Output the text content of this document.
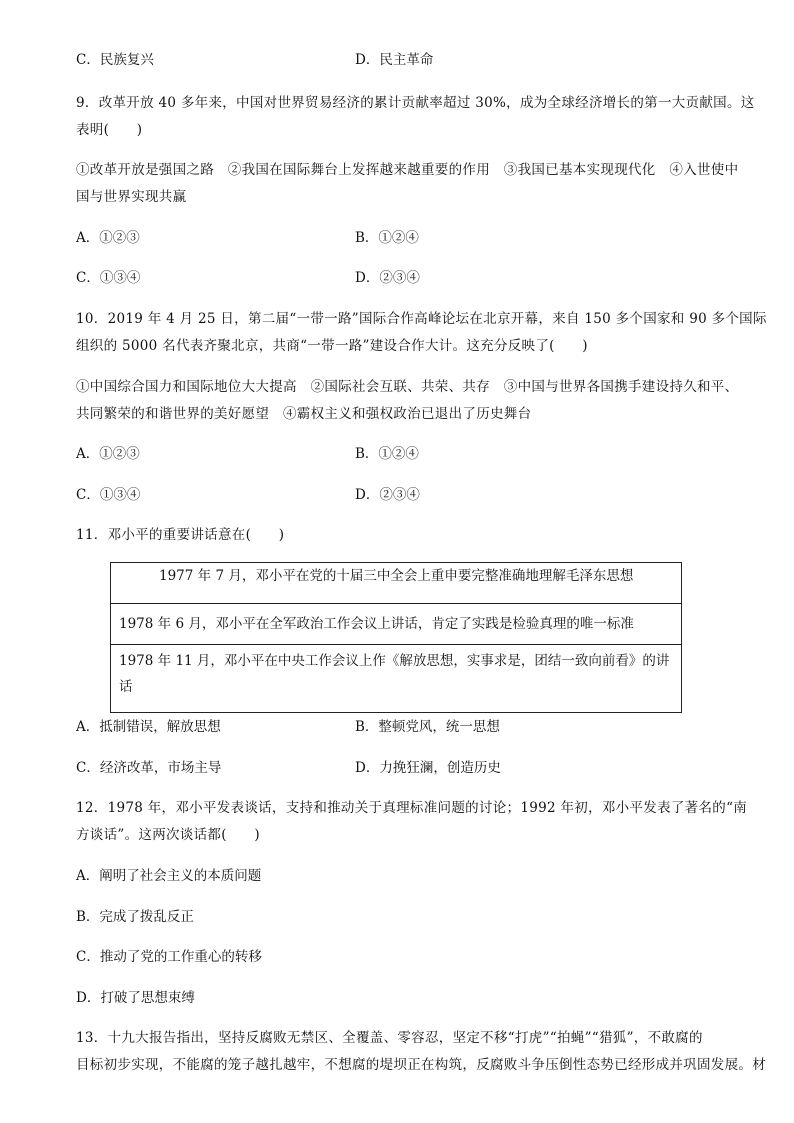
C．民族复兴	D．民主革命
9．改革开放 40 多年来，中国对世界贸易经济的累计贡献率超过 30%，成为全球经济增长的第一大贡献国。这
表明(　　)
①改革开放是强国之路　②我国在国际舞台上发挥越来越重要的作用　③我国已基本实现现代化　④入世使中
国与世界实现共赢
A．①②③	B．①②④
C．①③④	D．②③④
10．2019 年 4 月 25 日，第二届“一带一路”国际合作高峰论坛在北京开幕，来自 150 多个国家和 90 多个国际
组织的 5000 名代表齐聚北京，共商“一带一路”建设合作大计。这充分反映了(　　)
①中国综合国力和国际地位大大提高　②国际社会互联、共荣、共存　③中国与世界各国携手建设持久和平、
共同繁荣的和谐世界的美好愿望　④霸权主义和强权政治已退出了历史舞台
A．①②③	B．①②④
C．①③④	D．②③④
11．邓小平的重要讲话意在(　　)
1977 年 7 月，邓小平在党的十届三中全会上重申要完整准确地理解毛泽东思想
1978 年 6 月，邓小平在全军政治工作会议上讲话，肯定了实践是检验真理的唯一标准
1978 年 11 月，邓小平在中央工作会议上作《解放思想，实事求是，团结一致向前看》的讲
话
A．抵制错误，解放思想	B．整顿党风，统一思想
C．经济改革，市场主导	D．力挽狂澜，创造历史
12．1978 年，邓小平发表谈话，支持和推动关于真理标准问题的讨论；1992 年初，邓小平发表了著名的“南
方谈话”。这两次谈话都(　　)
A．阐明了社会主义的本质问题
B．完成了拨乱反正
C．推动了党的工作重心的转移
D．打破了思想束缚
13．十九大报告指出，坚持反腐败无禁区、全覆盖、零容忍，坚定不移“打虎”“拍蝇”“猎狐”，不敢腐的
目标初步实现，不能腐的笼子越扎越牢，不想腐的堤坝正在构筑，反腐败斗争压倒性态势已经形成并巩固发展。材
